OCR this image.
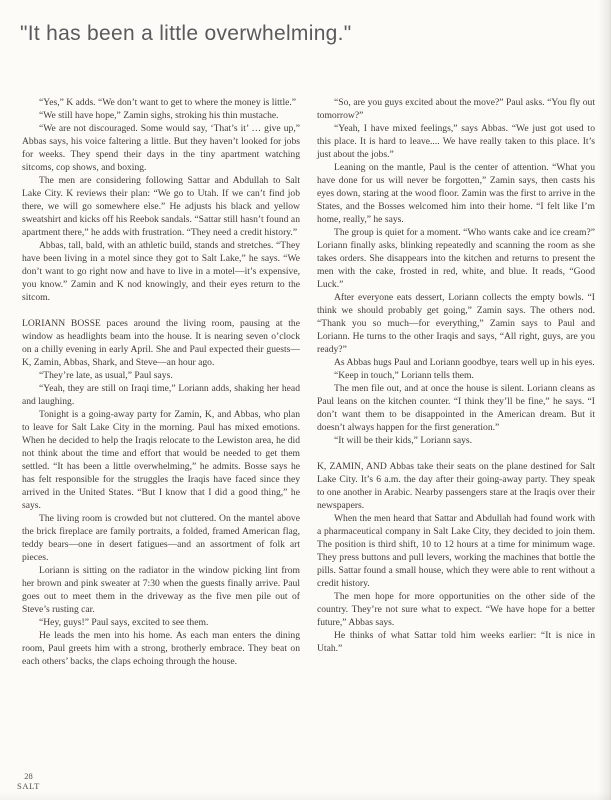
"It has been a little overwhelming."

“Yes,” K adds. “We don’t want to get to where the money is little.”

“We still have hope,” Zamin sighs, stroking his thin mustache.

“We are not discouraged. Some would say, ‘That’s it’ … give up,” Abbas says, his voice faltering a little. But they haven’t looked for jobs for weeks. They spend their days in the tiny apartment watching sitcoms, cop shows, and boxing.

The men are considering following Sattar and Abdullah to Salt Lake City. K reviews their plan: “We go to Utah. If we can’t find job there, we will go somewhere else.” He adjusts his black and yellow sweatshirt and kicks off his Reebok sandals. “Sattar still hasn’t found an apartment there,” he adds with frustration. “They need a credit history.”

Abbas, tall, bald, with an athletic build, stands and stretches. “They have been living in a motel since they got to Salt Lake,” he says. “We don’t want to go right now and have to live in a motel—it’s expensive, you know.” Zamin and K nod knowingly, and their eyes return to the sitcom.

LORIANN BOSSE paces around the living room, pausing at the window as headlights beam into the house. It is nearing seven o’clock on a chilly evening in early April. She and Paul expected their guests—K, Zamin, Abbas, Shark, and Steve—an hour ago.

“They’re late, as usual,” Paul says.

“Yeah, they are still on Iraqi time,” Loriann adds, shaking her head and laughing.

Tonight is a going-away party for Zamin, K, and Abbas, who plan to leave for Salt Lake City in the morning. Paul has mixed emotions. When he decided to help the Iraqis relocate to the Lewiston area, he did not think about the time and effort that would be needed to get them settled. “It has been a little overwhelming,” he admits. Bosse says he has felt responsible for the struggles the Iraqis have faced since they arrived in the United States. “But I know that I did a good thing,” he says.

The living room is crowded but not cluttered. On the mantel above the brick fireplace are family portraits, a folded, framed American flag, teddy bears—one in desert fatigues—and an assortment of folk art pieces.

Loriann is sitting on the radiator in the window picking lint from her brown and pink sweater at 7:30 when the guests finally arrive. Paul goes out to meet them in the driveway as the five men pile out of Steve’s rusting car.

“Hey, guys!” Paul says, excited to see them.

He leads the men into his home. As each man enters the dining room, Paul greets him with a strong, brotherly embrace. They beat on each others’ backs, the claps echoing through the house.

“So, are you guys excited about the move?” Paul asks. “You fly out tomorrow?”

“Yeah, I have mixed feelings,” says Abbas. “We just got used to this place. It is hard to leave.... We have really taken to this place. It’s just about the jobs.”

Leaning on the mantle, Paul is the center of attention. “What you have done for us will never be forgotten,” Zamin says, then casts his eyes down, staring at the wood floor. Zamin was the first to arrive in the States, and the Bosses welcomed him into their home. “I felt like I’m home, really,” he says.

The group is quiet for a moment. “Who wants cake and ice cream?” Loriann finally asks, blinking repeatedly and scanning the room as she takes orders. She disappears into the kitchen and returns to present the men with the cake, frosted in red, white, and blue. It reads, “Good Luck.”

After everyone eats dessert, Loriann collects the empty bowls. “I think we should probably get going,” Zamin says. The others nod. “Thank you so much—for everything,” Zamin says to Paul and Loriann. He turns to the other Iraqis and says, “All right, guys, are you ready?”

As Abbas hugs Paul and Loriann goodbye, tears well up in his eyes.

“Keep in touch,” Loriann tells them.

The men file out, and at once the house is silent. Loriann cleans as Paul leans on the kitchen counter. “I think they’ll be fine,” he says. “I don’t want them to be disappointed in the American dream. But it doesn’t always happen for the first generation.”

“It will be their kids,” Loriann says.

K, ZAMIN, AND Abbas take their seats on the plane destined for Salt Lake City. It’s 6 a.m. the day after their going-away party. They speak to one another in Arabic. Nearby passengers stare at the Iraqis over their newspapers.

When the men heard that Sattar and Abdullah had found work with a pharmaceutical company in Salt Lake City, they decided to join them. The position is third shift, 10 to 12 hours at a time for minimum wage. They press buttons and pull levers, working the machines that bottle the pills. Sattar found a small house, which they were able to rent without a credit history.

The men hope for more opportunities on the other side of the country. They’re not sure what to expect. “We have hope for a better future,” Abbas says.

He thinks of what Sattar told him weeks earlier: “It is nice in Utah.”

28
SALT
